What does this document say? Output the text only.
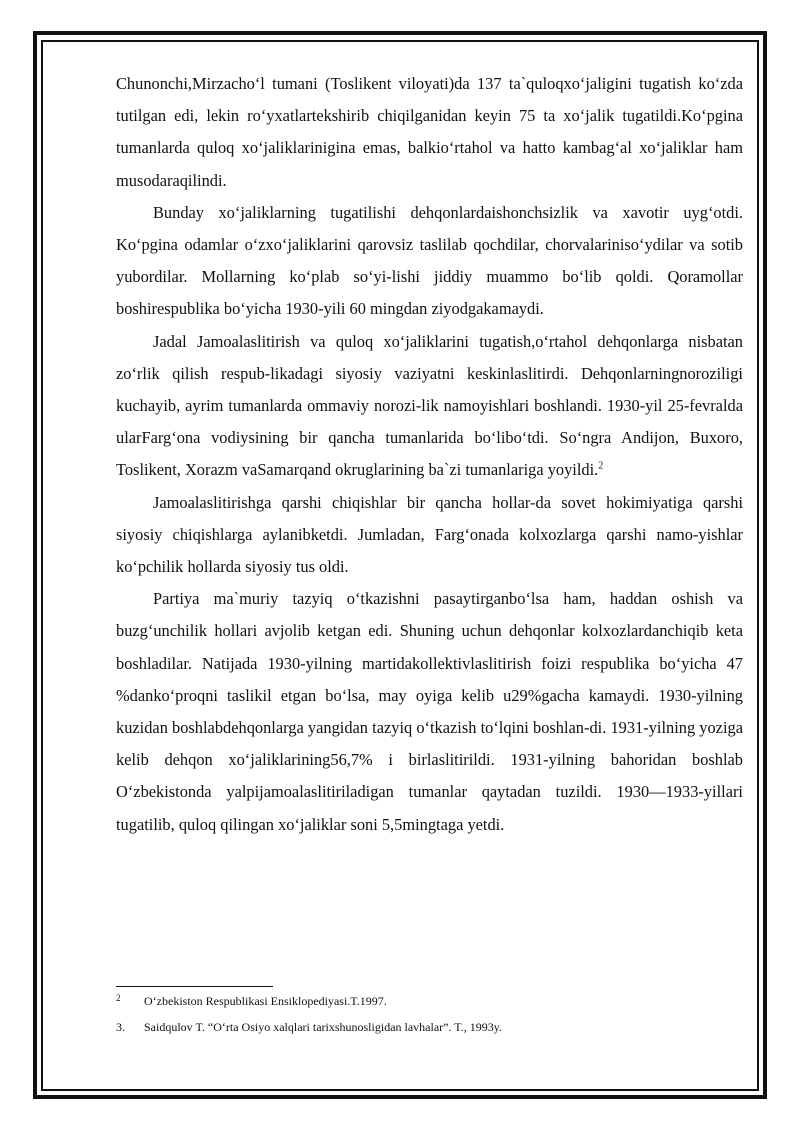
Chunonchi,Mirzachoʻl tumani (Toslikent viloyati)da 137 ta`quloqxoʻjaligini tugatish koʻzda tutilgan edi, lekin roʻyxatlartekshirib chiqilganidan keyin 75 ta xoʻjalik tugatildi.Koʻpgina tumanlarda quloq xoʻjaliklarinigina emas, balkioʻrtahol va hatto kambagʻal xoʻjaliklar ham musodaraqilindi.

Bunday xoʻjaliklarning tugatilishi dehqonlardaishonchsizlik va xavotir uygʻotdi. Koʻpgina odamlar oʻzxoʻjaliklarini qarovsiz taslilab qochdilar, chorvalariniso‘ydilar va sotib yubordilar. Mollarning koʻplab soʻyi-lishi jiddiy muammo boʻlib qoldi. Qoramollar boshirespublika boʻyicha 1930-yili 60 mingdan ziyodgakamaydi.

Jadal Jamoalaslitirish va quloq xoʻjaliklarini tugatish,oʻrtahol dehqonlarga nisbatan zoʻrlik qilish respub-likadagi siyosiy vaziyatni keskinlaslitirdi. Dehqonlarningnoroziligi kuchayib, ayrim tumanlarda ommaviy norozi-lik namoyishlari boshlandi. 1930-yil 25-fevralda ularFargʻona vodiysining bir qancha tumanlarida boʻliboʻtdi. Soʻngra Andijon, Buxoro, Toslikent, Xorazm vaSamarqand okruglarining ba`zi tumanlariga yoyildi.$^2$

Jamoalaslitirishga qarshi chiqishlar bir qancha hollar-da sovet hokimiyatiga qarshi siyosiy chiqishlarga aylanibketdi. Jumladan, Fargʻonada kolxozlarga qarshi namo-yishlar koʻpchilik hollarda siyosiy tus oldi.

Partiya ma`muriy tazyiq oʻtkazishni pasaytirganboʻlsa ham, haddan oshish va buzgʻunchilik hollari avjolib ketgan edi. Shuning uchun dehqonlar kolxozlardanchiqib keta boshladilar. Natijada 1930-yilning martidakollektivlaslitirish foizi respublika boʻyicha 47 %dankoʻproqni taslikil etgan boʻlsa, may oyiga kelib u29%gacha kamaydi. 1930-yilning kuzidan boshlabdehqonlarga yangidan tazyiq oʻtkazish toʻlqini boshlan-di. 1931-yilning yoziga kelib dehqon xoʻjaliklarining56,7% i birlaslitirildi. 1931-yilning bahoridan boshlab Oʻzbekistonda yalpijamoalaslitiriladigan tumanlar qaytadan tuzildi. 1930—1933-yillari tugatilib, quloq qilingan xoʻjaliklar soni 5,5mingtaga yetdi.

2 Oʻzbekiston Respublikasi Ensiklopediyasi.T.1997.

3. Saidqulov T. “Oʻrta Osiyo xalqlari tarixshunosligidan lavhalar”. T., 1993y.
